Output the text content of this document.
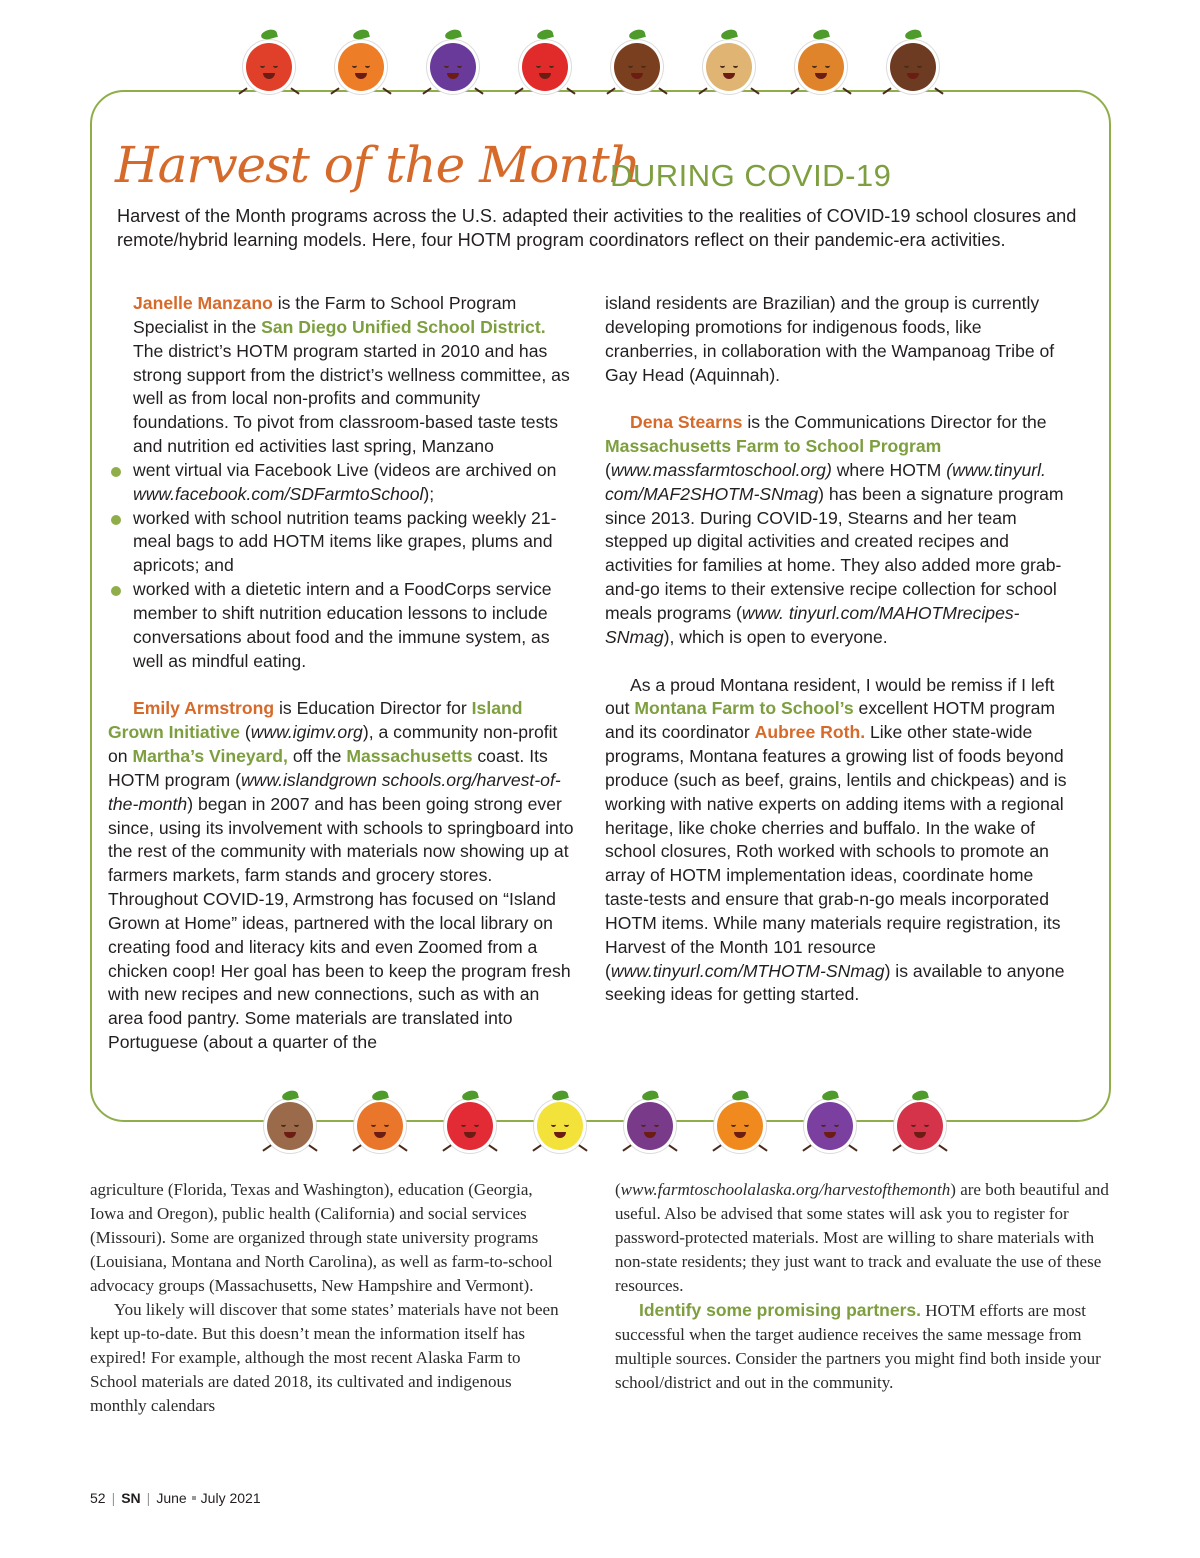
Harvest of the Month
DURING COVID-19
Harvest of the Month programs across the U.S. adapted their activities to the realities of COVID-19 school closures and remote/hybrid learning models. Here, four HOTM program coordinators reflect on their pandemic-era activities.

Janelle Manzano is the Farm to School Program Specialist in the San Diego Unified School District. The district’s HOTM program started in 2010 and has strong support from the district’s wellness committee, as well as from local non-profits and community foundations. To pivot from classroom-based taste tests and nutrition ed activities last spring, Manzano

went virtual via Facebook Live (videos are archived on www.facebook.com/SDFarmtoSchool);
worked with school nutrition teams packing weekly 21-meal bags to add HOTM items like grapes, plums and apricots; and
worked with a dietetic intern and a FoodCorps service member to shift nutrition education lessons to include conversations about food and the immune system, as well as mindful eating.

Emily Armstrong is Education Director for Island Grown Initiative (www.igimv.org), a community non-profit on Martha’s Vineyard, off the Massachusetts coast. Its HOTM program (www.islandgrown schools.org/harvest-of-the-month) began in 2007 and has been going strong ever since, using its involvement with schools to springboard into the rest of the community with materials now showing up at farmers markets, farm stands and grocery stores. Throughout COVID-19, Armstrong has focused on “Island Grown at Home” ideas, partnered with the local library on creating food and literacy kits and even Zoomed from a chicken coop! Her goal has been to keep the program fresh with new recipes and new connections, such as with an area food pantry. Some materials are translated into Portuguese (about a quarter of the

island residents are Brazilian) and the group is currently developing promotions for indigenous foods, like cranberries, in collaboration with the Wampanoag Tribe of Gay Head (Aquinnah).

Dena Stearns is the Communications Director for the Massachusetts Farm to School Program (www.massfarmtoschool.org) where HOTM (www.tinyurl. com/MAF2SHOTM-SNmag) has been a signature program since 2013. During COVID-19, Stearns and her team stepped up digital activities and created recipes and activities for families at home. They also added more grab-and-go items to their extensive recipe collection for school meals programs (www. tinyurl.com/MAHOTMrecipes-SNmag), which is open to everyone.

As a proud Montana resident, I would be remiss if I left out Montana Farm to School’s excellent HOTM program and its coordinator Aubree Roth. Like other state-wide programs, Montana features a growing list of foods beyond produce (such as beef, grains, lentils and chickpeas) and is working with native experts on adding items with a regional heritage, like choke cherries and buffalo. In the wake of school closures, Roth worked with schools to promote an array of HOTM implementation ideas, coordinate home taste-tests and ensure that grab-n-go meals incorporated HOTM items. While many materials require registration, its Harvest of the Month 101 resource (www.tinyurl.com/MTHOTM-SNmag) is available to anyone seeking ideas for getting started.

agriculture (Florida, Texas and Washington), education (Georgia, Iowa and Oregon), public health (California) and social services (Missouri). Some are organized through state university programs (Louisiana, Montana and North Carolina), as well as farm-to-school advocacy groups (Massachusetts, New Hampshire and Vermont).

You likely will discover that some states’ materials have not been kept up-to-date. But this doesn’t mean the information itself has expired! For example, although the most recent Alaska Farm to School materials are dated 2018, its cultivated and indigenous monthly calendars

(www.farmtoschoolalaska.org/harvestofthemonth) are both beautiful and useful. Also be advised that some states will ask you to register for password-protected materials. Most are willing to share materials with non-state residents; they just want to track and evaluate the use of these resources.

Identify some promising partners. HOTM efforts are most successful when the target audience receives the same message from multiple sources. Consider the partners you might find both inside your school/district and out in the community.

52 | SN | June July 2021
